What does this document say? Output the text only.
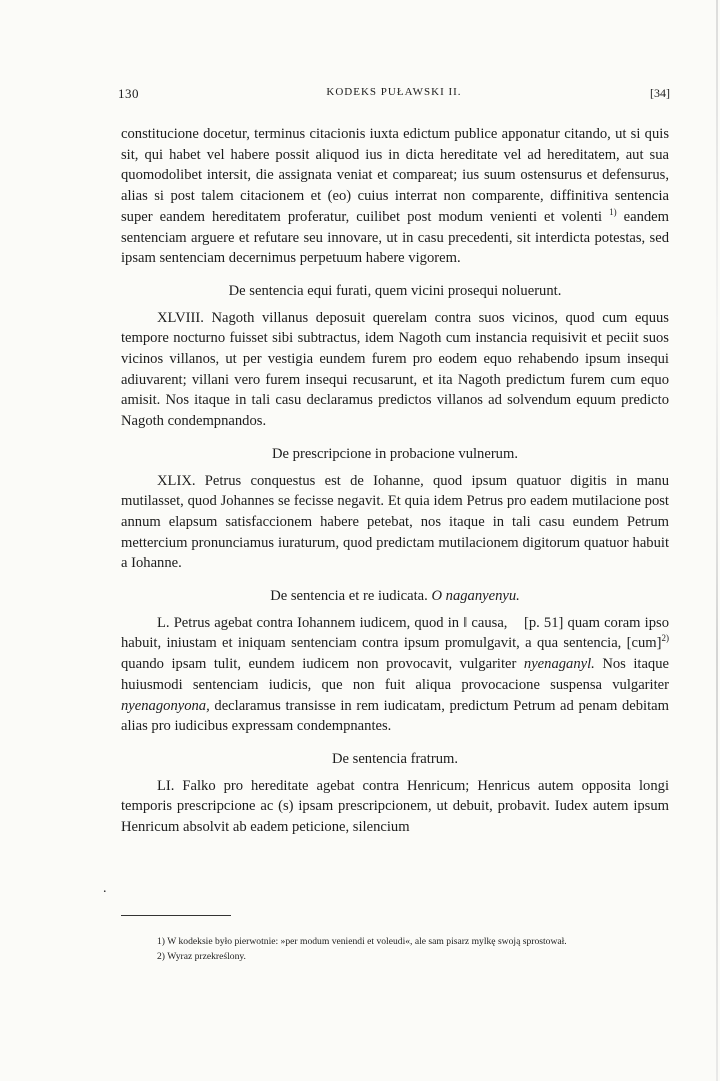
130	KODEKS PUŁAWSKI II.	[34]
.

constitucione docetur, terminus citacionis iuxta edictum publice apponatur citando, ut si quis sit, qui habet vel habere possit aliquod ius in dicta hereditate vel ad hereditatem, aut sua quomodolibet intersit, die assignata veniat et compareat; ius suum ostensurus et defensurus, alias si post talem citacionem et (eo) cuius interrat non comparente, diffinitiva sentencia super eandem hereditatem proferatur, cuilibet post modum venienti et volenti $^{1)}$ eandem sentenciam arguere et refutare seu innovare, ut in casu precedenti, sit interdicta potestas, sed ipsam sentenciam decernimus perpetuum habere vigorem.

De sentencia equi furati, quem vicini prosequi noluerunt.

XLVIII. Nagoth villanus deposuit querelam contra suos vicinos, quod cum equus tempore nocturno fuisset sibi subtractus, idem Nagoth cum instancia requisivit et peciit suos vicinos villanos, ut per vestigia eundem furem pro eodem equo rehabendo ipsum insequi adiuvarent; villani vero furem insequi recusarunt, et ita Nagoth predictum furem cum equo amisit. Nos itaque in tali casu declaramus predictos villanos ad solvendum equum predicto Nagoth condempnandos.

De prescripcione in probacione vulnerum.

XLIX. Petrus conquestus est de Iohanne, quod ipsum quatuor digitis in manu mutilasset, quod Johannes se fecisse negavit. Et quia idem Petrus pro eadem mutilacione post annum elapsum satisfaccionem habere petebat, nos itaque in tali casu eundem Petrum mettercium pronunciamus iuraturum, quod predictam mutilacionem digitorum quatuor habuit a Iohanne.

De sentencia et re iudicata. O naganyenyu.

L. Petrus agebat contra Iohannem iudicem, quod in ‖ causa, [p. 51] quam coram ipso habuit, iniustam et iniquam sentenciam contra ipsum promulgavit, a qua sentencia, [cum]$^{2)}$ quando ipsam tulit, eundem iudicem non provocavit, vulgariter nyenaganyl. Nos itaque huiusmodi sentenciam iudicis, que non fuit aliqua provocacione suspensa vulgariter nyenagonyona, declaramus transisse in rem iudicatam, predictum Petrum ad penam debitam alias pro iudicibus expressam condempnantes.

De sentencia fratrum.

LI. Falko pro hereditate agebat contra Henricum; Henricus autem opposita longi temporis prescripcione ac (s) ipsam prescripcionem, ut debuit, probavit. Iudex autem ipsum Henricum absolvit ab eadem peticione, silencium

1) W kodeksie było pierwotnie: »per modum veniendi et voleudi«, ale sam pisarz mylkę swoją sprostował.

2) Wyraz przekreślony.
